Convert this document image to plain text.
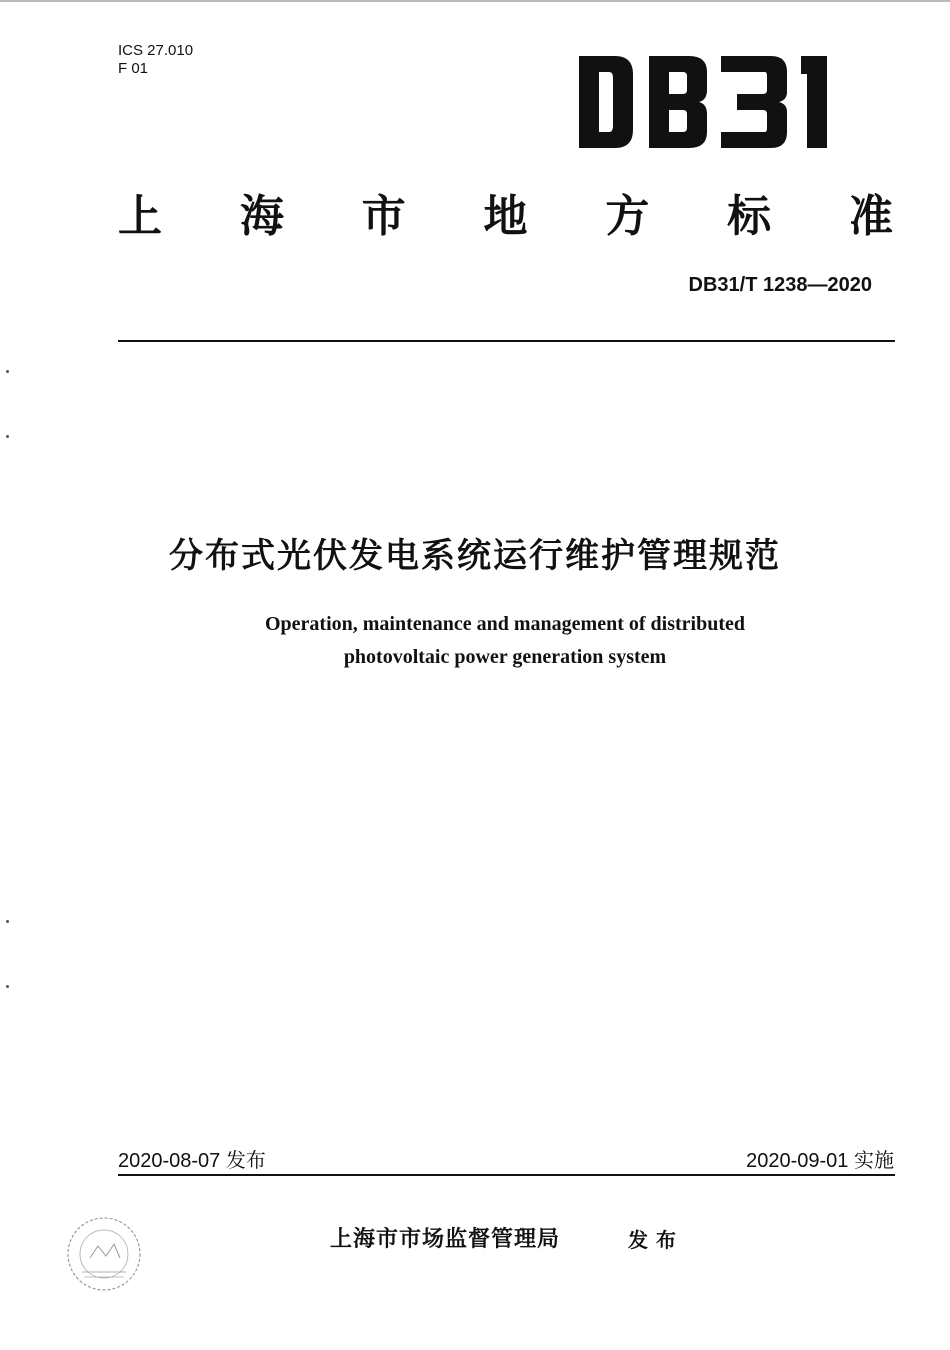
ICS 27.010
F 01
上 海 市 地 方 标 准
DB31/T 1238—2020
分布式光伏发电系统运行维护管理规范
Operation, maintenance and management of distributed
photovoltaic power generation system
2020-08-07 发布	2020-09-01 实施
上海市市场监督管理局	发布
